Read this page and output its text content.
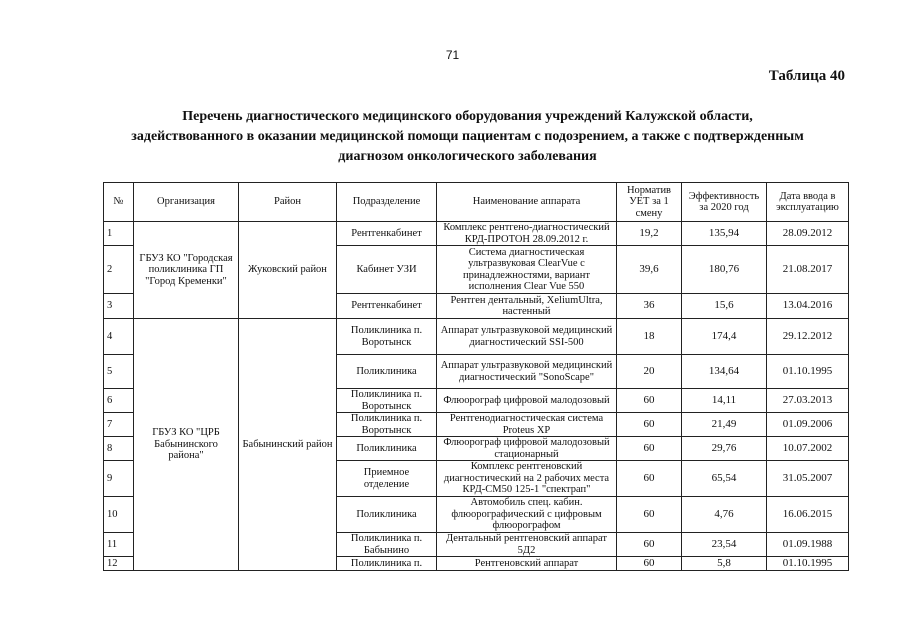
71
Таблица 40
Перечень диагностического медицинского оборудования учреждений Калужской области,
задействованного в оказании медицинской помощи пациентам с подозрением, а также с подтвержденным
диагнозом онкологического заболевания
№	Организация	Район	Подразделение	Наименование аппарата	Норматив УЕТ за 1 смену	Эффективность за 2020 год	Дата ввода в эксплуатацию
1	ГБУЗ КО "Городская поликлиника ГП "Город Кременки"	Жуковский район	Рентгенкабинет	Комплекс рентгено-диагностический КРД-ПРОТОН 28.09.2012 г.	19,2	135,94	28.09.2012
2			Кабинет УЗИ	Система диагностическая ультразвуковая ClearVue с принадлежностями, вариант исполнения Clear Vue 550	39,6	180,76	21.08.2017
3			Рентгенкабинет	Рентген дентальный, XeliumUltra, настенный	36	15,6	13.04.2016
4	ГБУЗ КО "ЦРБ Бабынинского района"	Бабынинский район	Поликлиника п. Воротынск	Аппарат ультразвуковой медицинский диагностический SSI-500	18	174,4	29.12.2012
5			Поликлиника	Аппарат ультразвуковой медицинский диагностический "SonoScape"	20	134,64	01.10.1995
6			Поликлиника п. Воротынск	Флюорограф цифровой малодозовый	60	14,11	27.03.2013
7			Поликлиника п. Воротынск	Рентгенодиагностическая система Proteus XP	60	21,49	01.09.2006
8			Поликлиника	Флюорограф цифровой малодозовый стационарный	60	29,76	10.07.2002
9			Приемное отделение	Комплекс рентгеновский диагностический на 2 рабочих места КРД-СМ50 125-1 "спектрап"	60	65,54	31.05.2007
10			Поликлиника	Автомобиль спец. кабин. флюорографический с цифровым флюорографом	60	4,76	16.06.2015
11			Поликлиника п. Бабынино	Дентальный рентгеновский аппарат 5Д2	60	23,54	01.09.1988
12			Поликлиника п.	Рентгеновский аппарат	60	5,8	01.10.1995
